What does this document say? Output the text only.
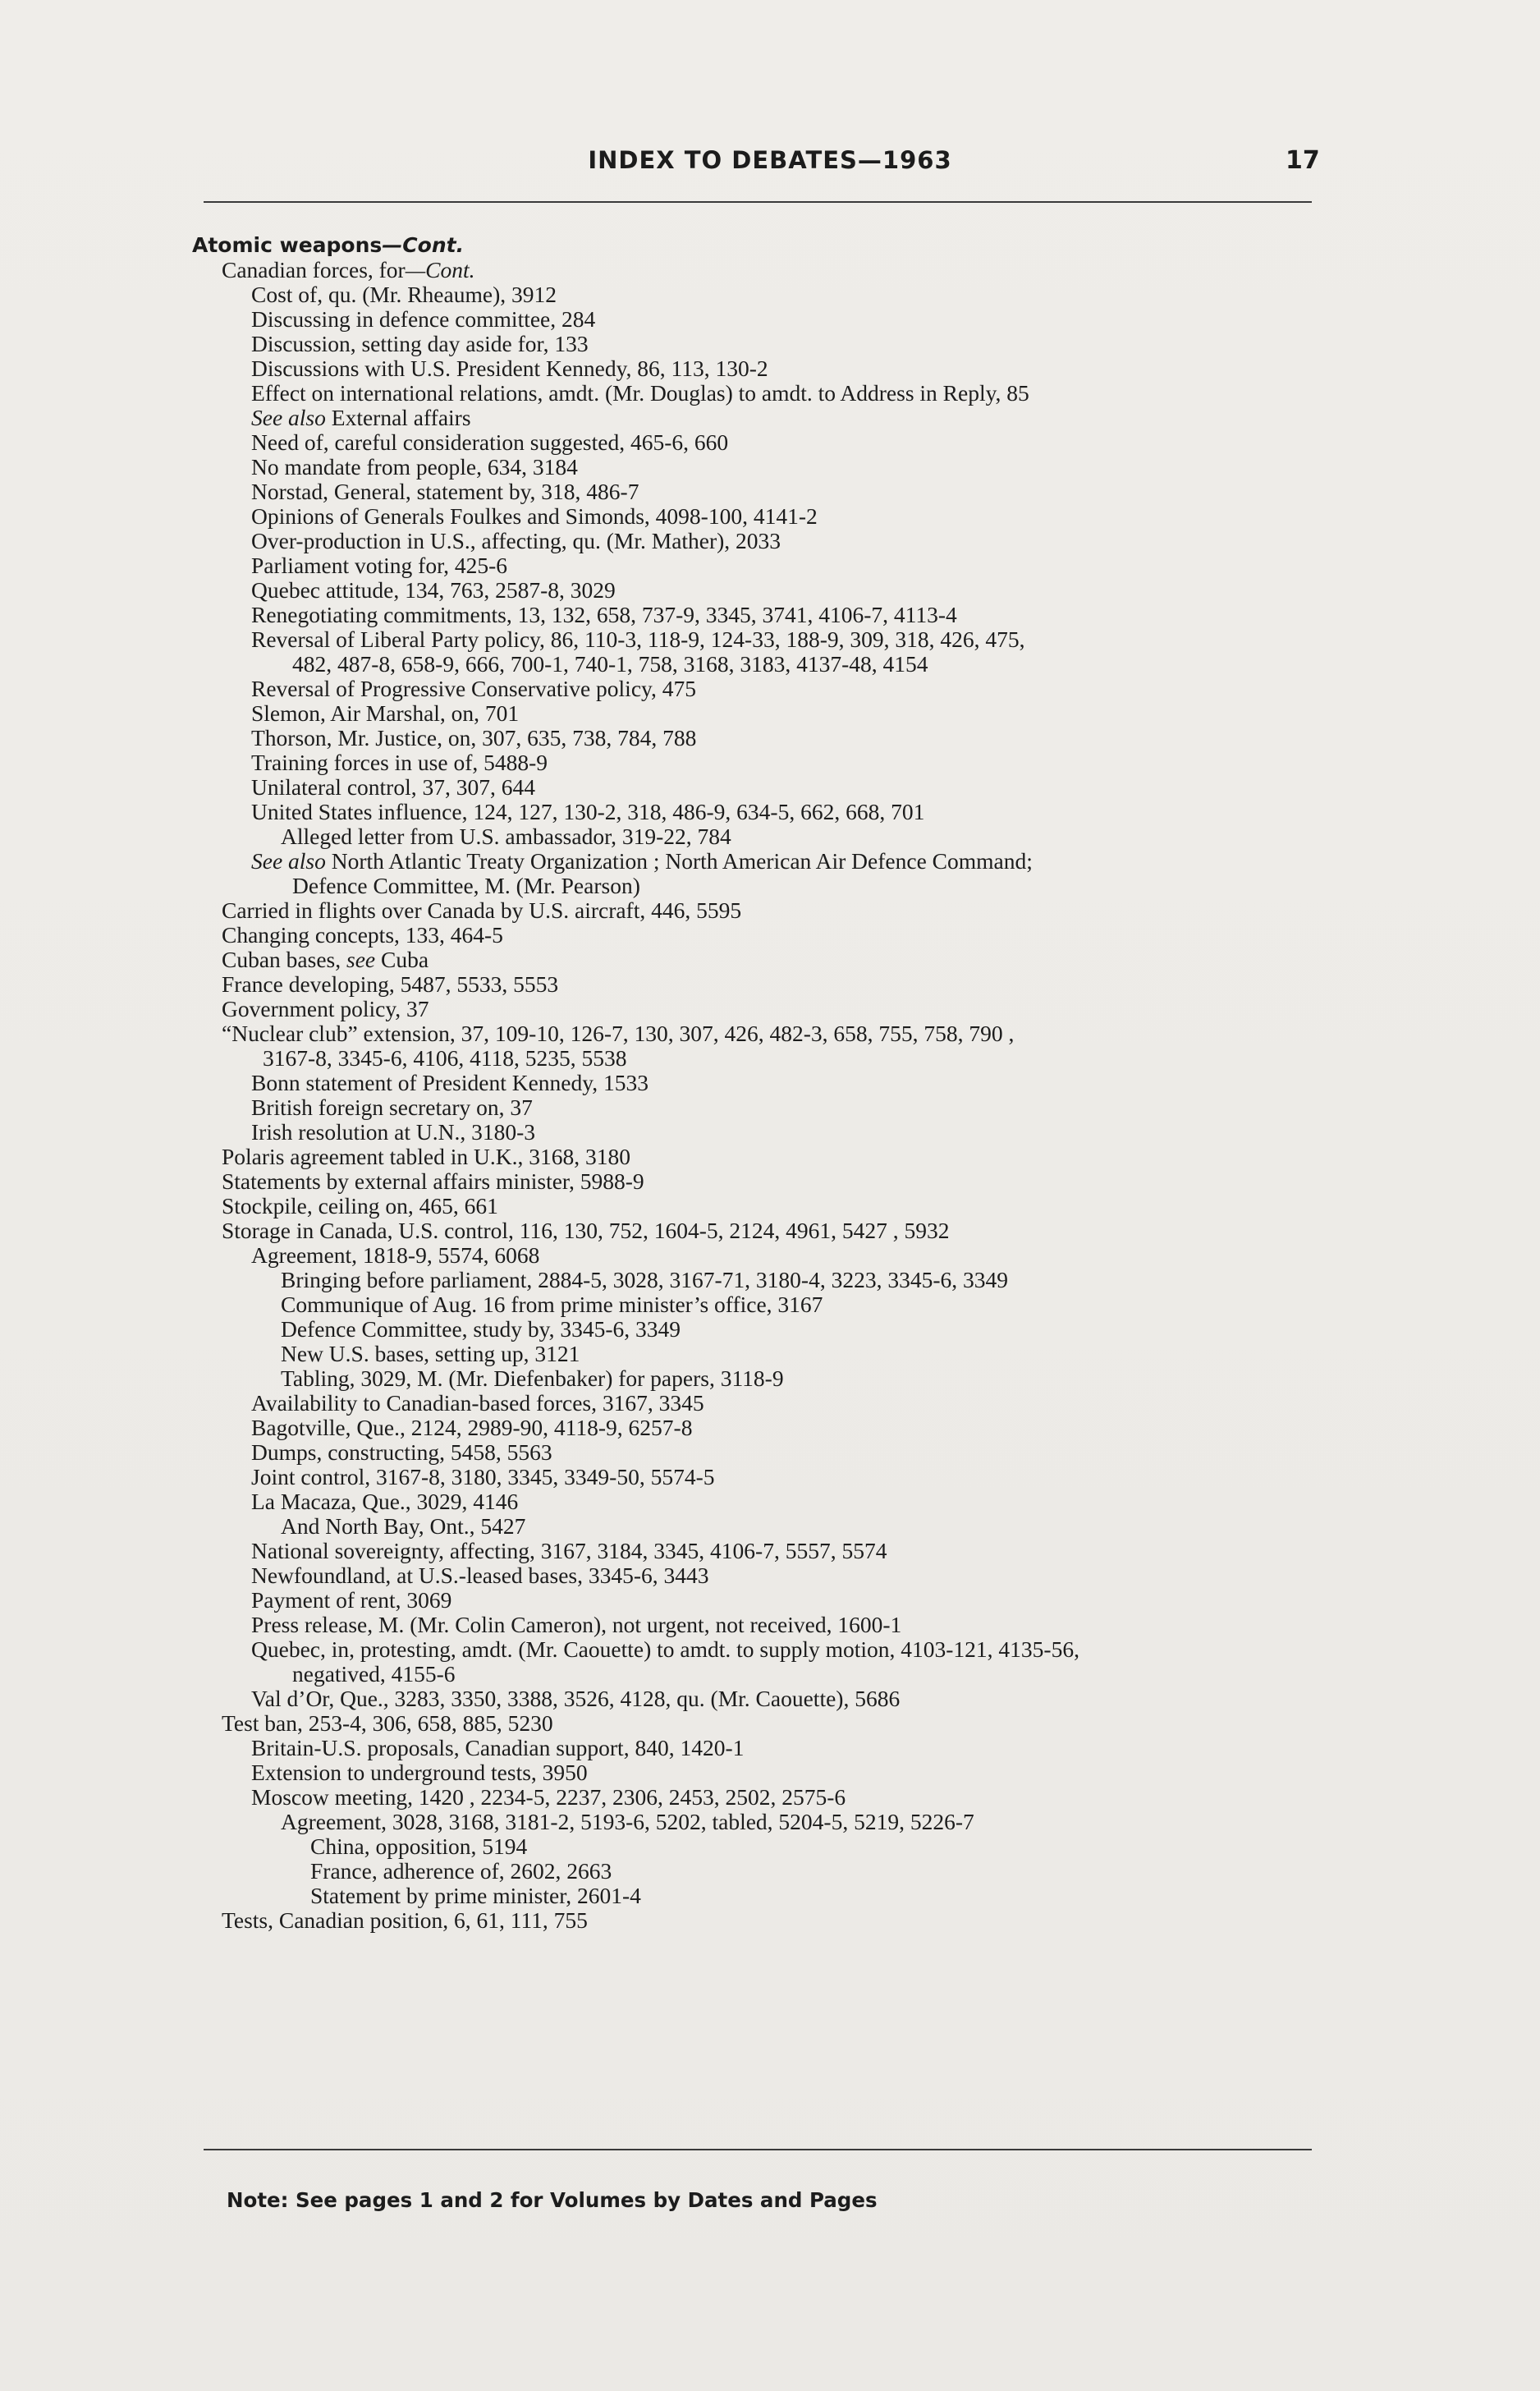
INDEX TO DEBATES—1963	17
Atomic weapons—Cont.
Canadian forces, for—Cont.
Cost of, qu. (Mr. Rheaume), 3912
Discussing in defence committee, 284
Discussion, setting day aside for, 133
Discussions with U.S. President Kennedy, 86, 113, 130-2
Effect on international relations, amdt. (Mr. Douglas) to amdt. to Address in Reply, 85
See also External affairs
Need of, careful consideration suggested, 465-6, 660
No mandate from people, 634, 3184
Norstad, General, statement by, 318, 486-7
Opinions of Generals Foulkes and Simonds, 4098-100, 4141-2
Over-production in U.S., affecting, qu. (Mr. Mather), 2033
Parliament voting for, 425-6
Quebec attitude, 134, 763, 2587-8, 3029
Renegotiating commitments, 13, 132, 658, 737-9, 3345, 3741, 4106-7, 4113-4
Reversal of Liberal Party policy, 86, 110-3, 118-9, 124-33, 188-9, 309, 318, 426, 475,
482, 487-8, 658-9, 666, 700-1, 740-1, 758, 3168, 3183, 4137-48, 4154
Reversal of Progressive Conservative policy, 475
Slemon, Air Marshal, on, 701
Thorson, Mr. Justice, on, 307, 635, 738, 784, 788
Training forces in use of, 5488-9
Unilateral control, 37, 307, 644
United States influence, 124, 127, 130-2, 318, 486-9, 634-5, 662, 668, 701
Alleged letter from U.S. ambassador, 319-22, 784
See also North Atlantic Treaty Organization ; North American Air Defence Command;
Defence Committee, M. (Mr. Pearson)
Carried in flights over Canada by U.S. aircraft, 446, 5595
Changing concepts, 133, 464-5
Cuban bases, see Cuba
France developing, 5487, 5533, 5553
Government policy, 37
“Nuclear club” extension, 37, 109-10, 126-7, 130, 307, 426, 482-3, 658, 755, 758, 790 ,
3167-8, 3345-6, 4106, 4118, 5235, 5538
Bonn statement of President Kennedy, 1533
British foreign secretary on, 37
Irish resolution at U.N., 3180-3
Polaris agreement tabled in U.K., 3168, 3180
Statements by external affairs minister, 5988-9
Stockpile, ceiling on, 465, 661
Storage in Canada, U.S. control, 116, 130, 752, 1604-5, 2124, 4961, 5427 , 5932
Agreement, 1818-9, 5574, 6068
Bringing before parliament, 2884-5, 3028, 3167-71, 3180-4, 3223, 3345-6, 3349
Communique of Aug. 16 from prime minister’s office, 3167
Defence Committee, study by, 3345-6, 3349
New U.S. bases, setting up, 3121
Tabling, 3029, M. (Mr. Diefenbaker) for papers, 3118-9
Availability to Canadian-based forces, 3167, 3345
Bagotville, Que., 2124, 2989-90, 4118-9, 6257-8
Dumps, constructing, 5458, 5563
Joint control, 3167-8, 3180, 3345, 3349-50, 5574-5
La Macaza, Que., 3029, 4146
And North Bay, Ont., 5427
National sovereignty, affecting, 3167, 3184, 3345, 4106-7, 5557, 5574
Newfoundland, at U.S.-leased bases, 3345-6, 3443
Payment of rent, 3069
Press release, M. (Mr. Colin Cameron), not urgent, not received, 1600-1
Quebec, in, protesting, amdt. (Mr. Caouette) to amdt. to supply motion, 4103-121, 4135-56,
negatived, 4155-6
Val d’Or, Que., 3283, 3350, 3388, 3526, 4128, qu. (Mr. Caouette), 5686
Test ban, 253-4, 306, 658, 885, 5230
Britain-U.S. proposals, Canadian support, 840, 1420-1
Extension to underground tests, 3950
Moscow meeting, 1420 , 2234-5, 2237, 2306, 2453, 2502, 2575-6
Agreement, 3028, 3168, 3181-2, 5193-6, 5202, tabled, 5204-5, 5219, 5226-7
China, opposition, 5194
France, adherence of, 2602, 2663
Statement by prime minister, 2601-4
Tests, Canadian position, 6, 61, 111, 755
Note: See pages 1 and 2 for Volumes by Dates and Pages
